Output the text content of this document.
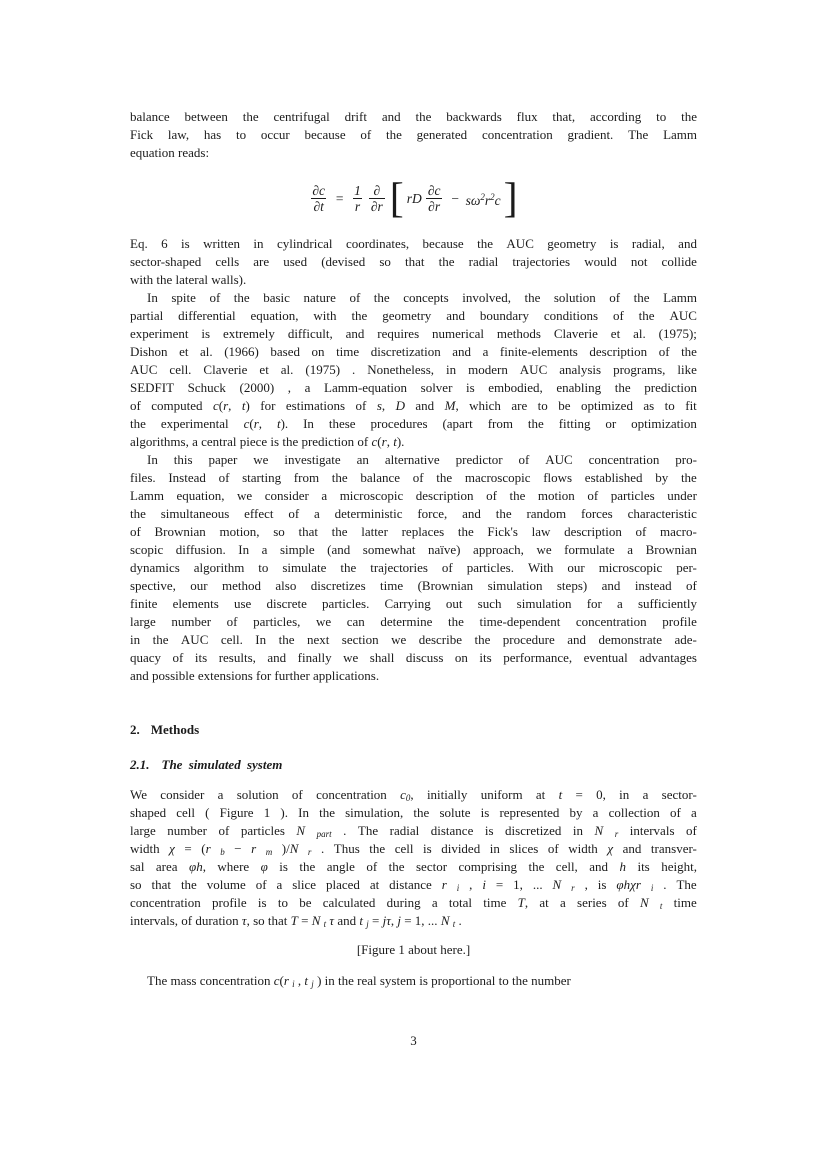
balance between the centrifugal drift and the backwards flux that, according to the
Fick law, has to occur because of the generated concentration gradient. The Lamm
equation reads:
$\frac{\partial c}{\partial t} = \frac{1}{r} \frac{\partial}{\partial r}$ [ rD $\frac{\partial c}{\partial r} - s\omega^2r^2c$ ]
Eq. 6 is written in cylindrical coordinates, because the AUC geometry is radial, and
sector-shaped cells are used (devised so that the radial trajectories would not collide
with the lateral walls).
In spite of the basic nature of the concepts involved, the solution of the Lamm
partial differential equation, with the geometry and boundary conditions of the AUC
experiment is extremely difficult, and requires numerical methods Claverie et al. (1975);
Dishon et al. (1966) based on time discretization and a finite-elements description of the
AUC cell. Claverie et al. (1975) . Nonetheless, in modern AUC analysis programs, like
SEDFIT Schuck (2000) , a Lamm-equation solver is embodied, enabling the prediction
of computed c(r, t) for estimations of s, D and M, which are to be optimized as to fit
the experimental c(r, t). In these procedures (apart from the fitting or optimization
algorithms, a central piece is the prediction of c(r, t).
In this paper we investigate an alternative predictor of AUC concentration pro-
files. Instead of starting from the balance of the macroscopic flows established by the
Lamm equation, we consider a microscopic description of the motion of particles under
the simultaneous effect of a deterministic force, and the random forces characteristic
of Brownian motion, so that the latter replaces the Fick's law description of macro-
scopic diffusion. In a simple (and somewhat naïve) approach, we formulate a Brownian
dynamics algorithm to simulate the trajectories of particles. With our microscopic per-
spective, our method also discretizes time (Brownian simulation steps) and instead of
finite elements use discrete particles. Carrying out such simulation for a sufficiently
large number of particles, we can determine the time-dependent concentration profile
in the AUC cell. In the next section we describe the procedure and demonstrate ade-
quacy of its results, and finally we shall discuss on its performance, eventual advantages
and possible extensions for further applications.
2. Methods
2.1. The simulated system
We consider a solution of concentration $c_0$, initially uniform at t = 0, in a sector-
shaped cell ( Figure 1 ). In the simulation, the solute is represented by a collection of a
large number of particles N $_{part}$ . The radial distance is discretized in N $_r$ intervals of
width χ = (r $_b$ − r $_m$ )/N $_r$ . Thus the cell is divided in slices of width χ and transver-
sal area φh, where φ is the angle of the sector comprising the cell, and h its height,
so that the volume of a slice placed at distance r $_i$ , i = 1, ... N $_r$ , is φhχr $_i$ . The
concentration profile is to be calculated during a total time T, at a series of N $_t$ time
intervals, of duration τ, so that T = N $_t$ τ and t $_j$ = jτ, j = 1, ... N $_t$ .
[Figure 1 about here.]
The mass concentration c(r $_i$ , t $_j$ ) in the real system is proportional to the number
3
